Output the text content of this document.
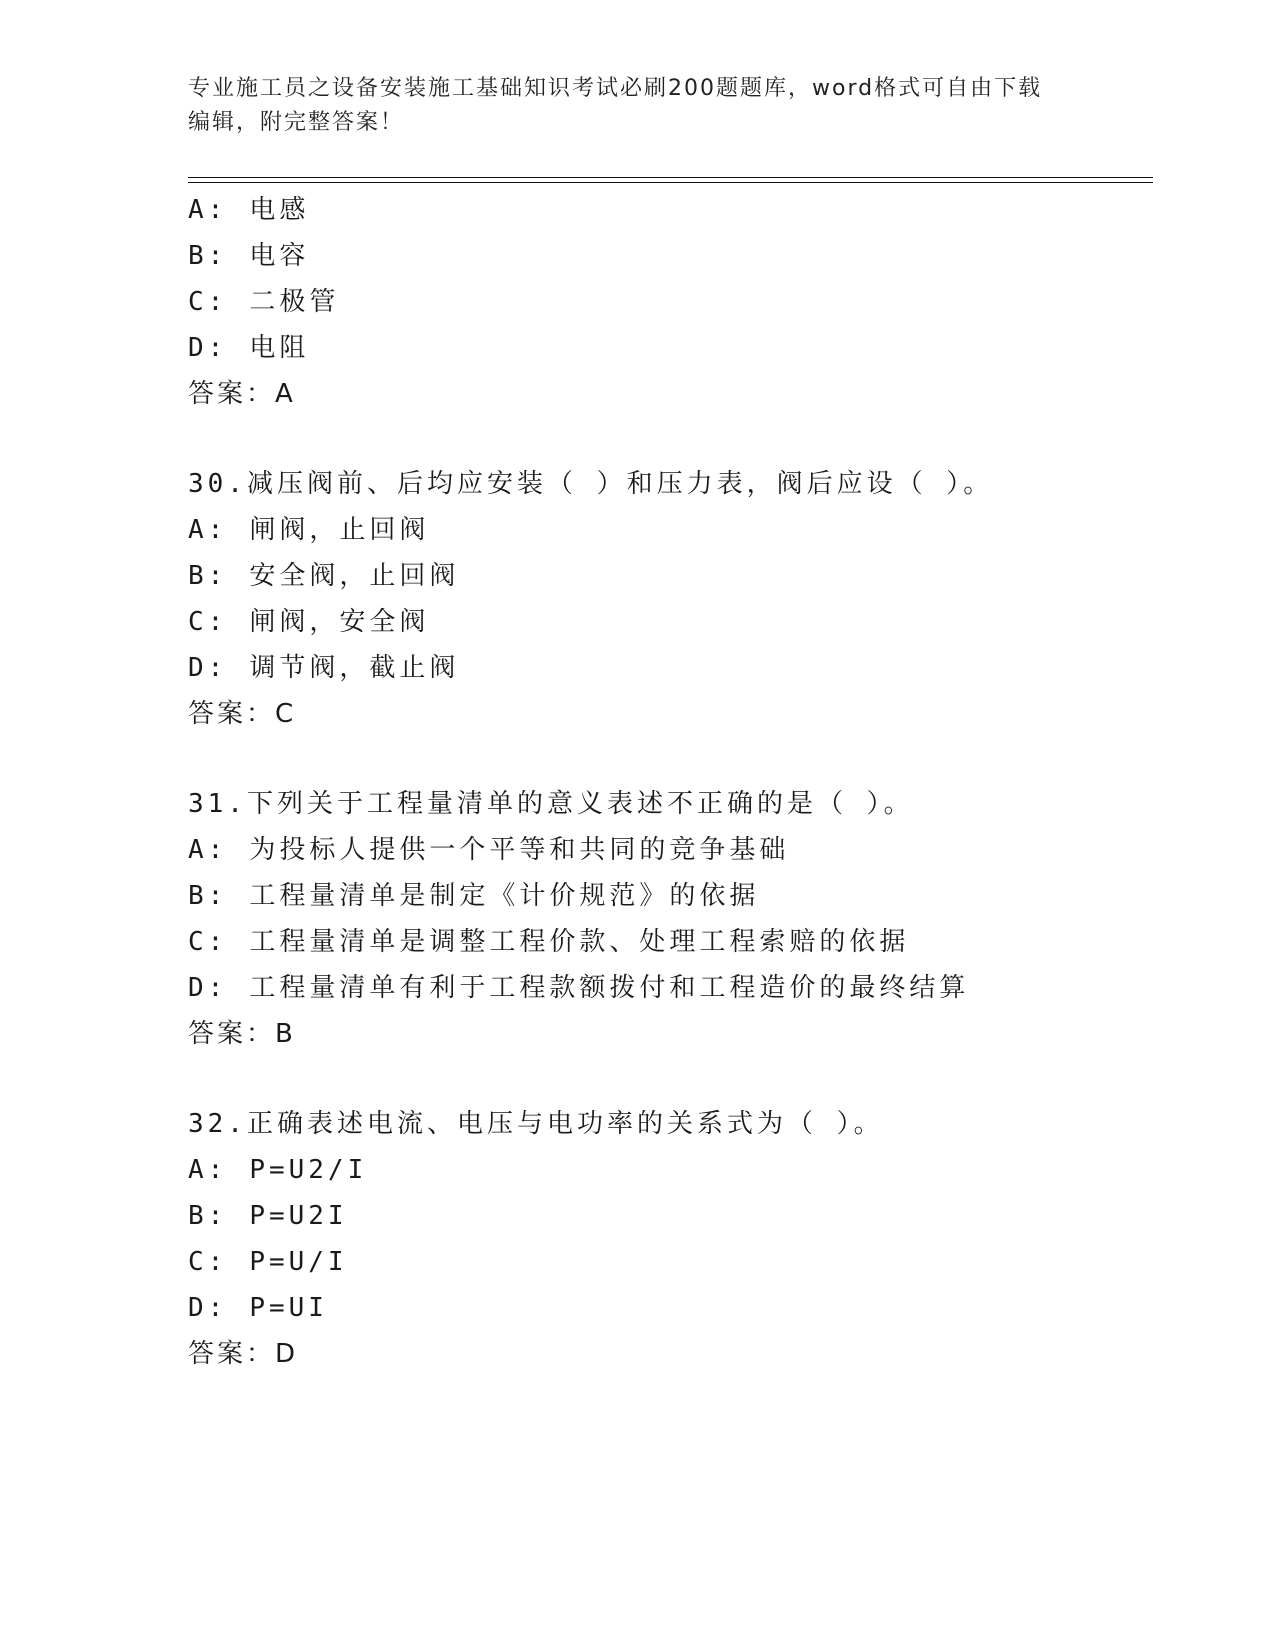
专业施工员之设备安装施工基础知识考试必刷200题题库，word格式可自由下载
编辑，附完整答案！
A: 电感
B: 电容
C: 二极管
D: 电阻
答案：A
30.减压阀前、后均应安装（ ）和压力表，阀后应设（ ）。
A: 闸阀，止回阀
B: 安全阀，止回阀
C: 闸阀，安全阀
D: 调节阀，截止阀
答案：C
31.下列关于工程量清单的意义表述不正确的是（ ）。
A: 为投标人提供一个平等和共同的竞争基础
B: 工程量清单是制定《计价规范》的依据
C: 工程量清单是调整工程价款、处理工程索赔的依据
D: 工程量清单有利于工程款额拨付和工程造价的最终结算
答案：B
32.正确表述电流、电压与电功率的关系式为（ ）。
A: P=U2/I
B: P=U2I
C: P=U/I
D: P=UI
答案：D
